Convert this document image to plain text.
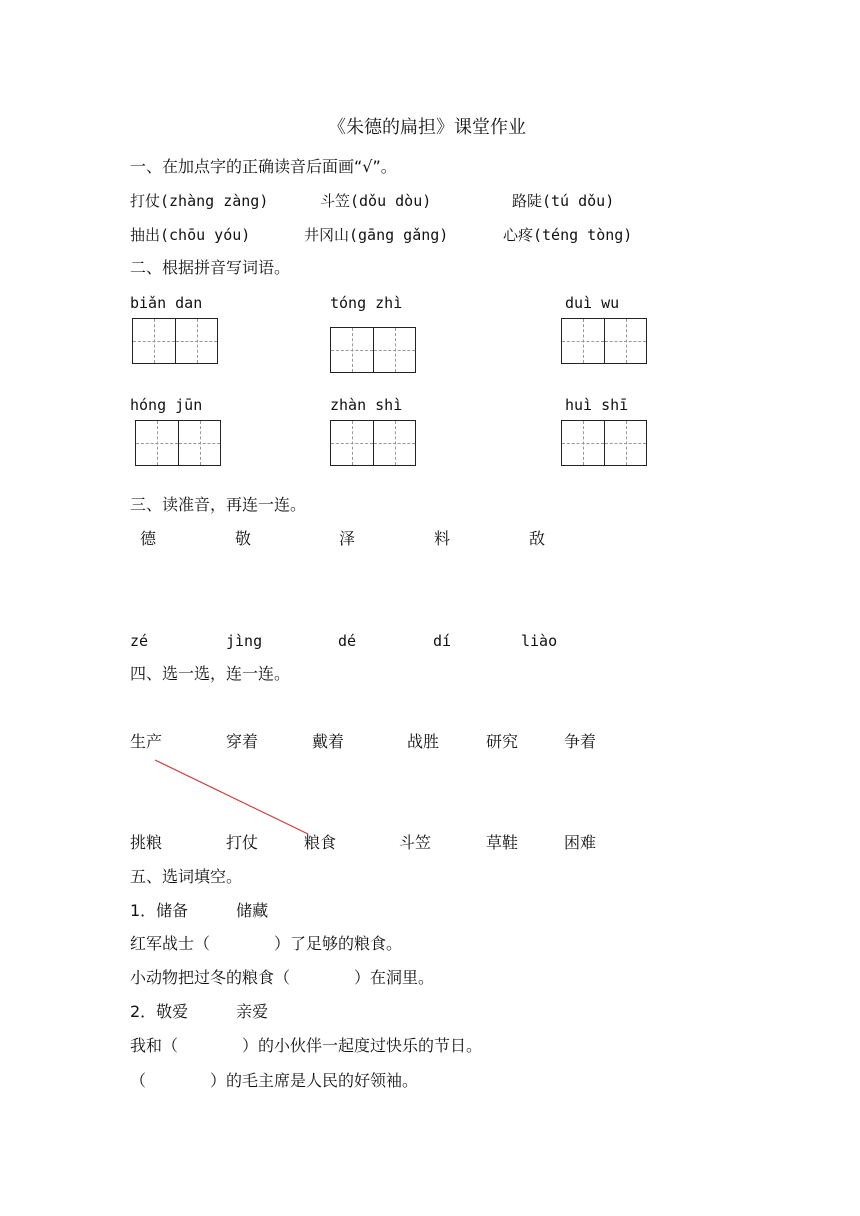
《朱德的扁担》课堂作业
一、在加点字的正确读音后面画“√”。
打仗(zhàng zàng)	斗笠(dǒu dòu)	路陡(tú dǒu)
抽出(chōu yóu)	井冈山(gāng gǎng)	心疼(téng tòng)
二、根据拼音写词语。
biǎn dan	tóng zhì	duì wu
hóng jūn	zhàn shì	huì shī
三、读准音，再连一连。
德	敬	泽	料	敌
zé	jìng	dé	dí	liào
四、选一选，连一连。
生产	穿着	戴着	战胜	研究	争着
挑粮	打仗	粮食	斗笠	草鞋	困难
五、选词填空。
1．储备　　　储藏
红军战士（　　　　）了足够的粮食。
小动物把过冬的粮食（　　　　）在洞里。
2．敬爱　　　亲爱
我和（　　　　）的小伙伴一起度过快乐的节日。
（　　　　）的毛主席是人民的好领袖。
